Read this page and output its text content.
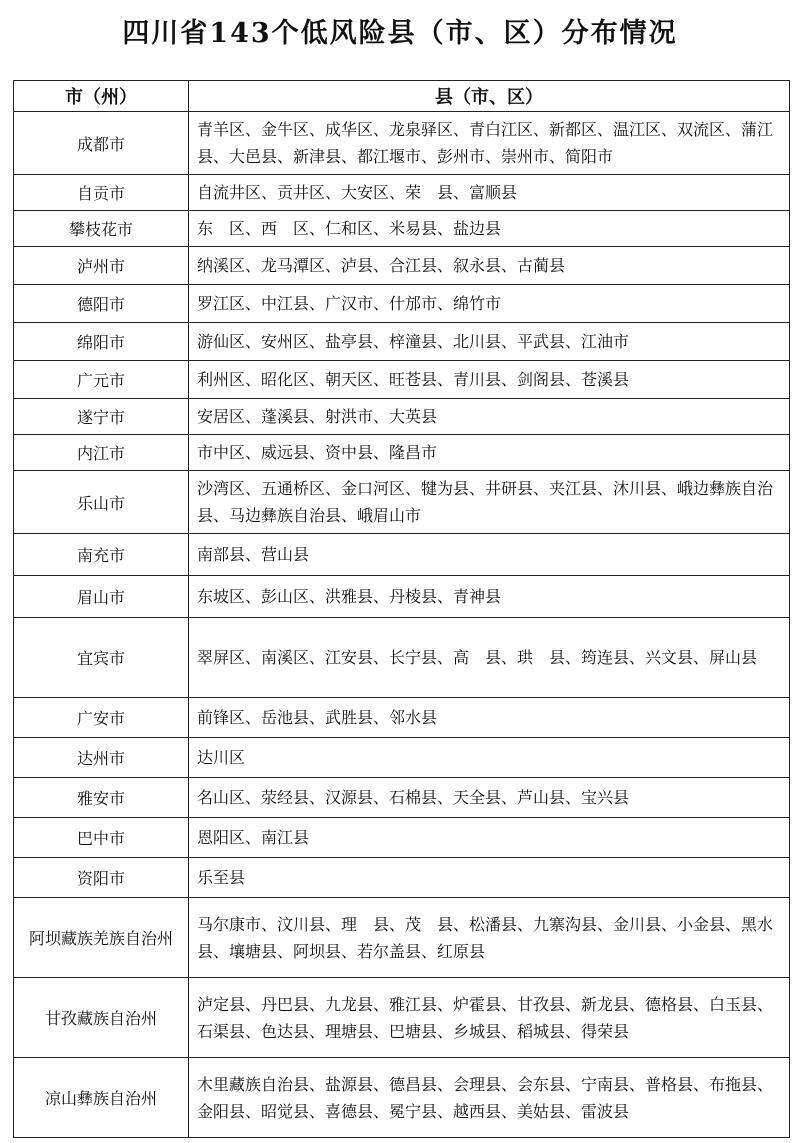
四川省143个低风险县（市、区）分布情况
市（州）	县（市、区）
成都市	青羊区、金牛区、成华区、龙泉驿区、青白江区、新都区、温江区、双流区、蒲江县、大邑县、新津县、都江堰市、彭州市、崇州市、简阳市
自贡市	自流井区、贡井区、大安区、荣　县、富顺县
攀枝花市	东　区、西　区、仁和区、米易县、盐边县
泸州市	纳溪区、龙马潭区、泸县、合江县、叙永县、古蔺县
德阳市	罗江区、中江县、广汉市、什邡市、绵竹市
绵阳市	游仙区、安州区、盐亭县、梓潼县、北川县、平武县、江油市
广元市	利州区、昭化区、朝天区、旺苍县、青川县、剑阁县、苍溪县
遂宁市	安居区、蓬溪县、射洪市、大英县
内江市	市中区、威远县、资中县、隆昌市
乐山市	沙湾区、五通桥区、金口河区、犍为县、井研县、夹江县、沐川县、峨边彝族自治县、马边彝族自治县、峨眉山市
南充市	南部县、营山县
眉山市	东坡区、彭山区、洪雅县、丹棱县、青神县
宜宾市	翠屏区、南溪区、江安县、长宁县、高　县、珙　县、筠连县、兴文县、屏山县
广安市	前锋区、岳池县、武胜县、邻水县
达州市	达川区
雅安市	名山区、荥经县、汉源县、石棉县、天全县、芦山县、宝兴县
巴中市	恩阳区、南江县
资阳市	乐至县
阿坝藏族羌族自治州	马尔康市、汶川县、理　县、茂　县、松潘县、九寨沟县、金川县、小金县、黑水县、壤塘县、阿坝县、若尔盖县、红原县
甘孜藏族自治州	泸定县、丹巴县、九龙县、雅江县、炉霍县、甘孜县、新龙县、德格县、白玉县、石渠县、色达县、理塘县、巴塘县、乡城县、稻城县、得荣县
凉山彝族自治州	木里藏族自治县、盐源县、德昌县、会理县、会东县、宁南县、普格县、布拖县、金阳县、昭觉县、喜德县、冕宁县、越西县、美姑县、雷波县
